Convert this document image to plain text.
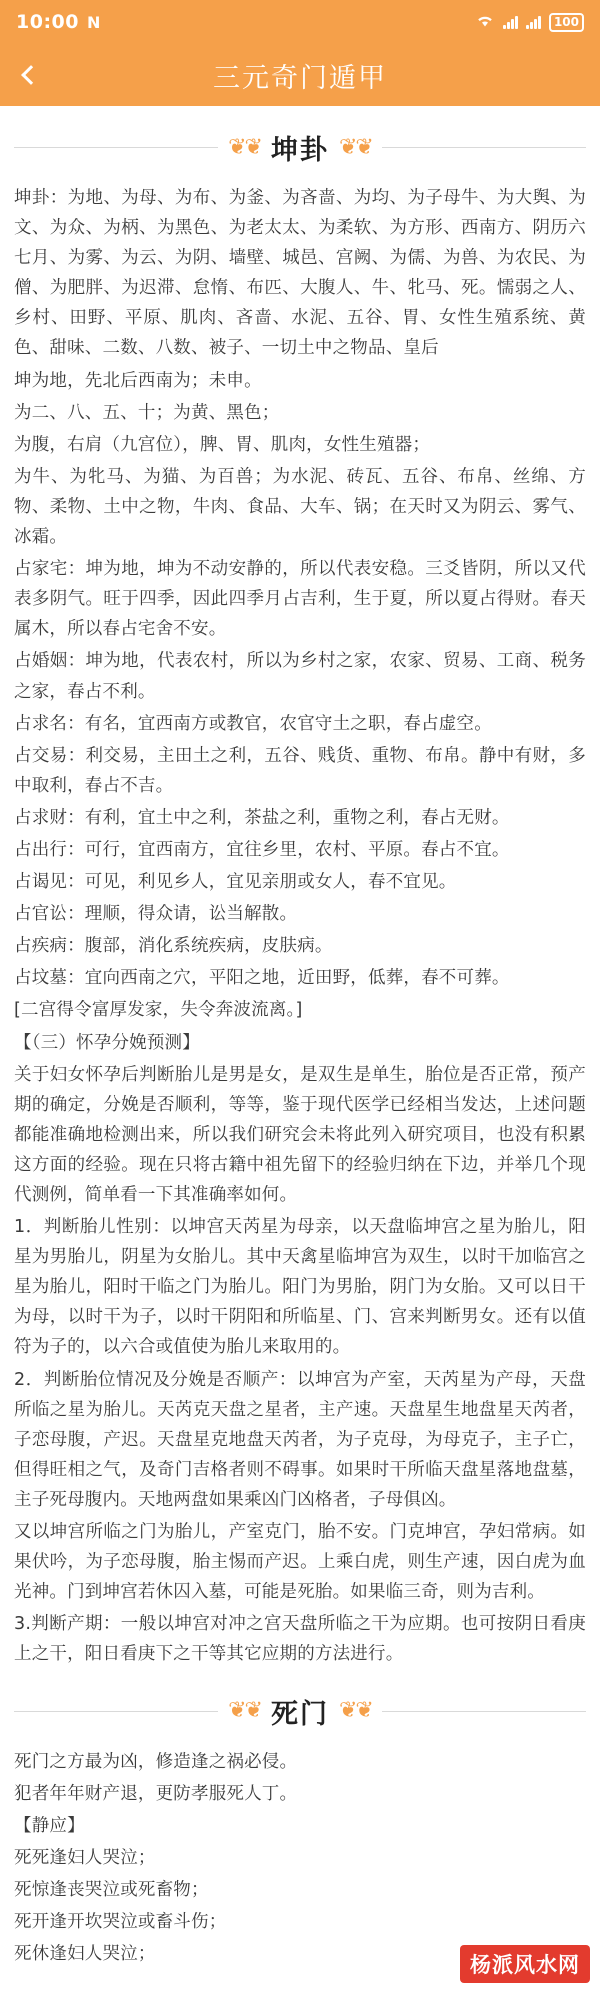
10:00 N	100
三元奇门遁甲
❦❦ 坤卦 ❦❦

坤卦：为地、为母、为布、为釜、为吝啬、为均、为子母牛、为大舆、为文、为众、为柄、为黑色、为老太太、为柔软、为方形、西南方、阴历六七月、为雾、为云、为阴、墙壁、城邑、宫阙、为儒、为兽、为农民、为僧、为肥胖、为迟滞、怠惰、布匹、大腹人、牛、牝马、死。懦弱之人、乡村、田野、平原、肌肉、吝啬、水泥、五谷、胃、女性生殖系统、黄色、甜味、二数、八数、被子、一切土中之物品、皇后

坤为地，先北后西南为；未申。

为二、八、五、十；为黄、黑色；

为腹，右肩（九宫位），脾、胃、肌肉，女性生殖器；

为牛、为牝马、为猫、为百兽；为水泥、砖瓦、五谷、布帛、丝绵、方物、柔物、土中之物，牛肉、食品、大车、锅；在天时又为阴云、雾气、冰霜。

占家宅：坤为地，坤为不动安静的，所以代表安稳。三爻皆阴，所以又代表多阴气。旺于四季，因此四季月占吉利，生于夏，所以夏占得财。春天属木，所以春占宅舍不安。

占婚姻：坤为地，代表农村，所以为乡村之家，农家、贸易、工商、税务之家，春占不利。

占求名：有名，宜西南方或教官，农官守土之职，春占虚空。

占交易：利交易，主田土之利，五谷、贱货、重物、布帛。静中有财，多中取利，春占不吉。

占求财：有利，宜土中之利，茶盐之利，重物之利，春占无财。

占出行：可行，宜西南方，宜往乡里，农村、平原。春占不宜。

占谒见：可见，利见乡人，宜见亲朋或女人，春不宜见。

占官讼：理顺，得众请，讼当解散。

占疾病：腹部，消化系统疾病，皮肤病。

占坟墓：宜向西南之穴，平阳之地，近田野，低葬，春不可葬。

[二宫得令富厚发家，失令奔波流离。]

【（三）怀孕分娩预测】

关于妇女怀孕后判断胎儿是男是女，是双生是单生，胎位是否正常，预产期的确定，分娩是否顺利，等等，鉴于现代医学已经相当发达，上述问题都能准确地检测出来，所以我们研究会未将此列入研究项目，也没有积累这方面的经验。现在只将古籍中祖先留下的经验归纳在下边，并举几个现代测例，简单看一下其准确率如何。

1．判断胎儿性别：以坤宫天芮星为母亲，以天盘临坤宫之星为胎儿，阳星为男胎儿，阴星为女胎儿。其中天禽星临坤宫为双生，以时干加临宫之星为胎儿，阳时干临之门为胎儿。阳门为男胎，阴门为女胎。又可以日干为母，以时干为子，以时干阴阳和所临星、门、宫来判断男女。还有以值符为子的，以六合或值使为胎儿来取用的。

2．判断胎位情况及分娩是否顺产：以坤宫为产室，天芮星为产母，天盘所临之星为胎儿。天芮克天盘之星者，主产速。天盘星生地盘星天芮者，子恋母腹，产迟。天盘星克地盘天芮者，为子克母，为母克子，主子亡，但得旺相之气，及奇门吉格者则不碍事。如果时干所临天盘星落地盘墓，主子死母腹内。天地两盘如果乘凶门凶格者，子母俱凶。

又以坤宫所临之门为胎儿，产室克门，胎不安。门克坤宫，孕妇常病。如果伏吟，为子恋母腹，胎主惕而产迟。上乘白虎，则生产速，因白虎为血光神。门到坤宫若休囚入墓，可能是死胎。如果临三奇，则为吉利。

3.判断产期：一般以坤宫对冲之宫天盘所临之干为应期。也可按阴日看庚上之干，阳日看庚下之干等其它应期的方法进行。

❦❦ 死门 ❦❦

死门之方最为凶，修造逢之祸必侵。

犯者年年财产退，更防孝服死人丁。

【静应】

死死逢妇人哭泣；

死惊逢丧哭泣或死畜物；

死开逢开坎哭泣或畜斗伤；

死休逢妇人哭泣；	杨派风水网
